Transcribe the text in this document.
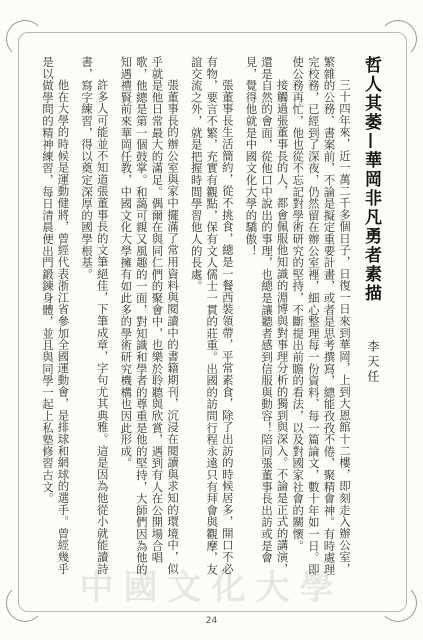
哲人其萎—華岡非凡勇者素描
李天任

三十四年來，近一萬二千多個日子，日復一日來到華岡，上到大恩館十二樓，即刻走入辦公室，繁雜的公務、書案前，不論是擬定重要計畫，或者是思考撰寫，總能孜孜不倦，聚精會神。有時處理完校務，已經到了深夜，仍然留在辦公室裡，細心整理每一份資料、每一篇論文，數十年如一日。即使公務再忙，他也從不忘記對學術研究的堅持，不斷提出前瞻的看法，以及對國家社會的關懷。

接觸過張董事長的人，都會佩服他知識的淵博與對事理分析的獨到與深入。不論是正式的講演，還是自然的會面，從他口中說出的事理，也總是讓聽者感到信服與動容！陪同張董事長出訪或是會見，覺得他就是中國文化大學的驕傲！

張董事長生活簡約，從不挑食，總是一餐西裝領帶，平常素食，除了出訪的時候居多，開口不必有物，要言不繁，充實有觀點，保有文人儒士一貫的莊重。出國的訪問行程永遠只有拜會與觀摩，友誼交流之外，就是把握時間學習他人的長處。

張董事長的辦公室與家中擺滿了常用資料與閱讀中的書籍期刊，沉浸在閱讀與求知的環境中，似乎就是他日常最大的滿足。偶爾在與同仁們的聚會中，也樂於聆聽與欣賞，遇到有人在公開場合唱歌，他總是第一個鼓掌。和藹可親又風趣的一面，對知識和學者的尊重是他的堅持，大師們因為他的知遇禮賢前來華岡任教，中國文化大學擁有如此多的學術研究機構也因此形成。

許多人可能並不知道張董事長的文筆絕佳，下筆成章，字句尤其典雅。這是因為他從小就能讀詩書，寫字練習，得以奠定深厚的國學根基。

他在大學的時候是運動健將，曾經代表浙江省參加全國運動會，是排球和網球的選手。曾經幾乎是以做學問的精神練習，每日清晨便出門鍛鍊身體，並且與同學一起上私塾修習古文。

中國文化大學
24
